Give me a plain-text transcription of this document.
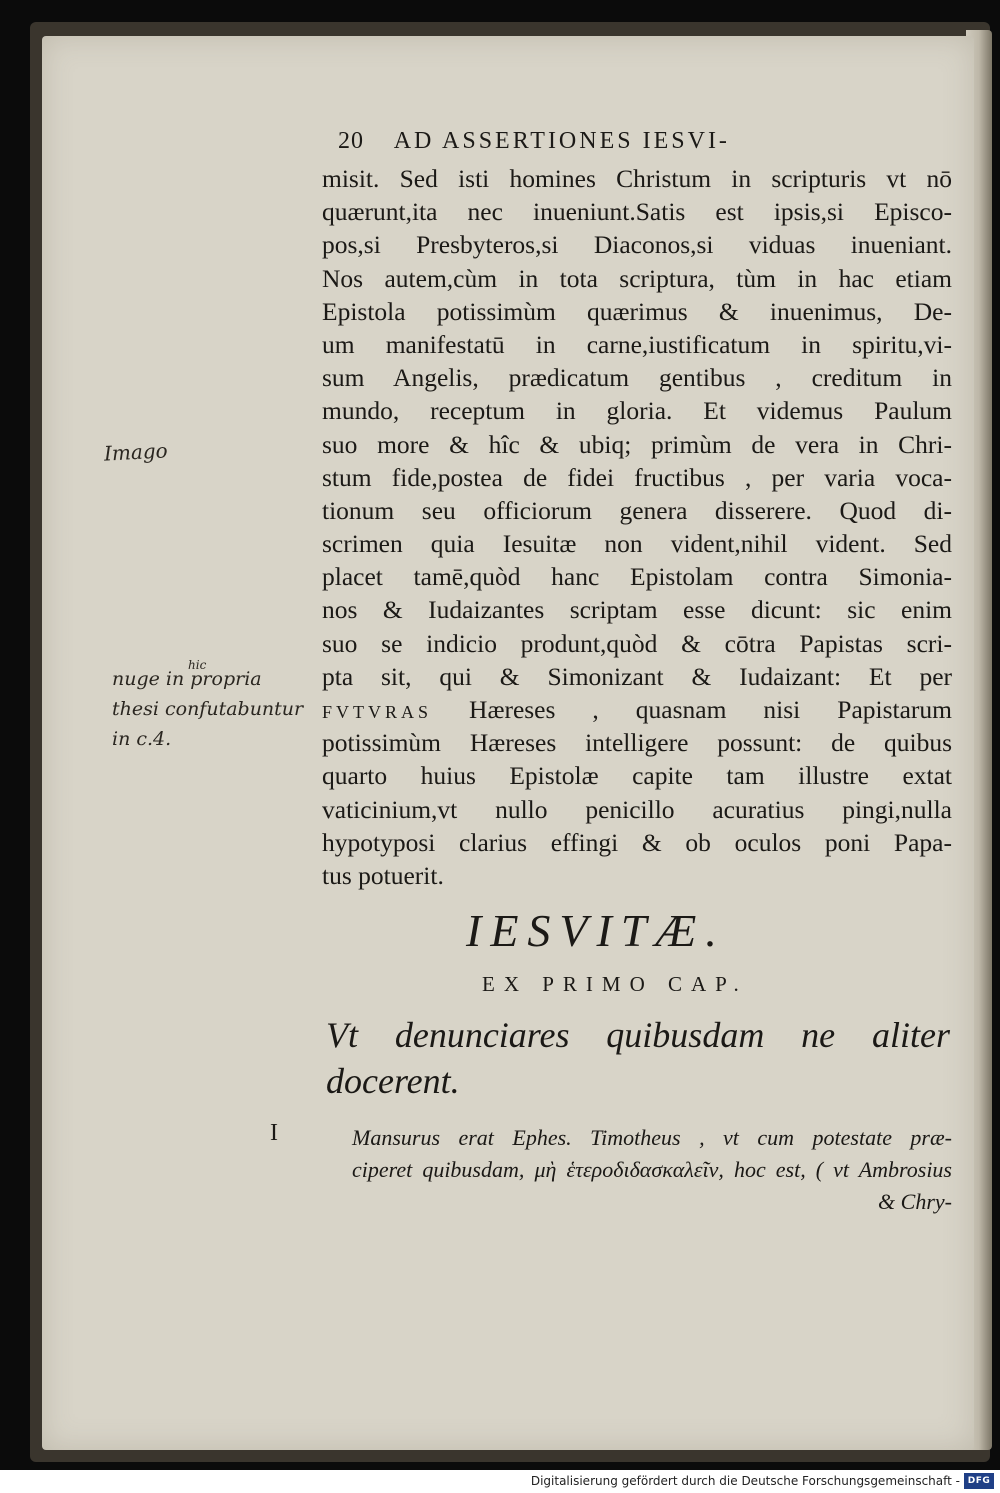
20 AD ASSERTIONES IESVI-
misit. Sed isti homines Christum in scripturis vt nō
quærunt,ita nec inueniunt.Satis est ipsis,si Episco-
pos,si Presbyteros,si Diaconos,si viduas inueniant.
Nos autem,cùm in tota scriptura, tùm in hac etiam
Epistola potissimùm quærimus & inuenimus, De-
um manifestatū in carne,iustificatum in spiritu,vi-
sum Angelis, prædicatum gentibus , creditum in
mundo, receptum in gloria. Et videmus Paulum
suo more & hîc & ubiq; primùm de vera in Chri-
stum fide,postea de fidei fructibus , per varia voca-
tionum seu officiorum genera disserere. Quod di-
scrimen quia Iesuitæ non vident,nihil vident. Sed
placet tamē,quòd hanc Epistolam contra Simonia-
nos & Iudaizantes scriptam esse dicunt: sic enim
suo se indicio produnt,quòd & cōtra Papistas scri-
pta sit, qui & Simonizant & Iudaizant: Et per
FVTVRAS Hæreses , quasnam nisi Papistarum
potissimùm Hæreses intelligere possunt: de quibus
quarto huius Epistolæ capite tam illustre extat
vaticinium,vt nullo penicillo acuratius pingi,nulla
hypotyposi clarius effingi & ob oculos poni Papa-
tus potuerit.
Imago
hic
nuge in propria
thesi confutabuntur
in c.4.
IESVITÆ.
EX PRIMO CAP.
Vt denunciares quibusdam ne aliter
docerent.
I	Mansurus erat Ephes. Timotheus , vt cum potestate præ-
ciperet quibusdam, μὴ ἑτεροδιδασκαλεῖν, hoc est, ( vt Ambrosius
& Chry-
Digitalisierung gefördert durch die Deutsche Forschungsgemeinschaft - DFG
